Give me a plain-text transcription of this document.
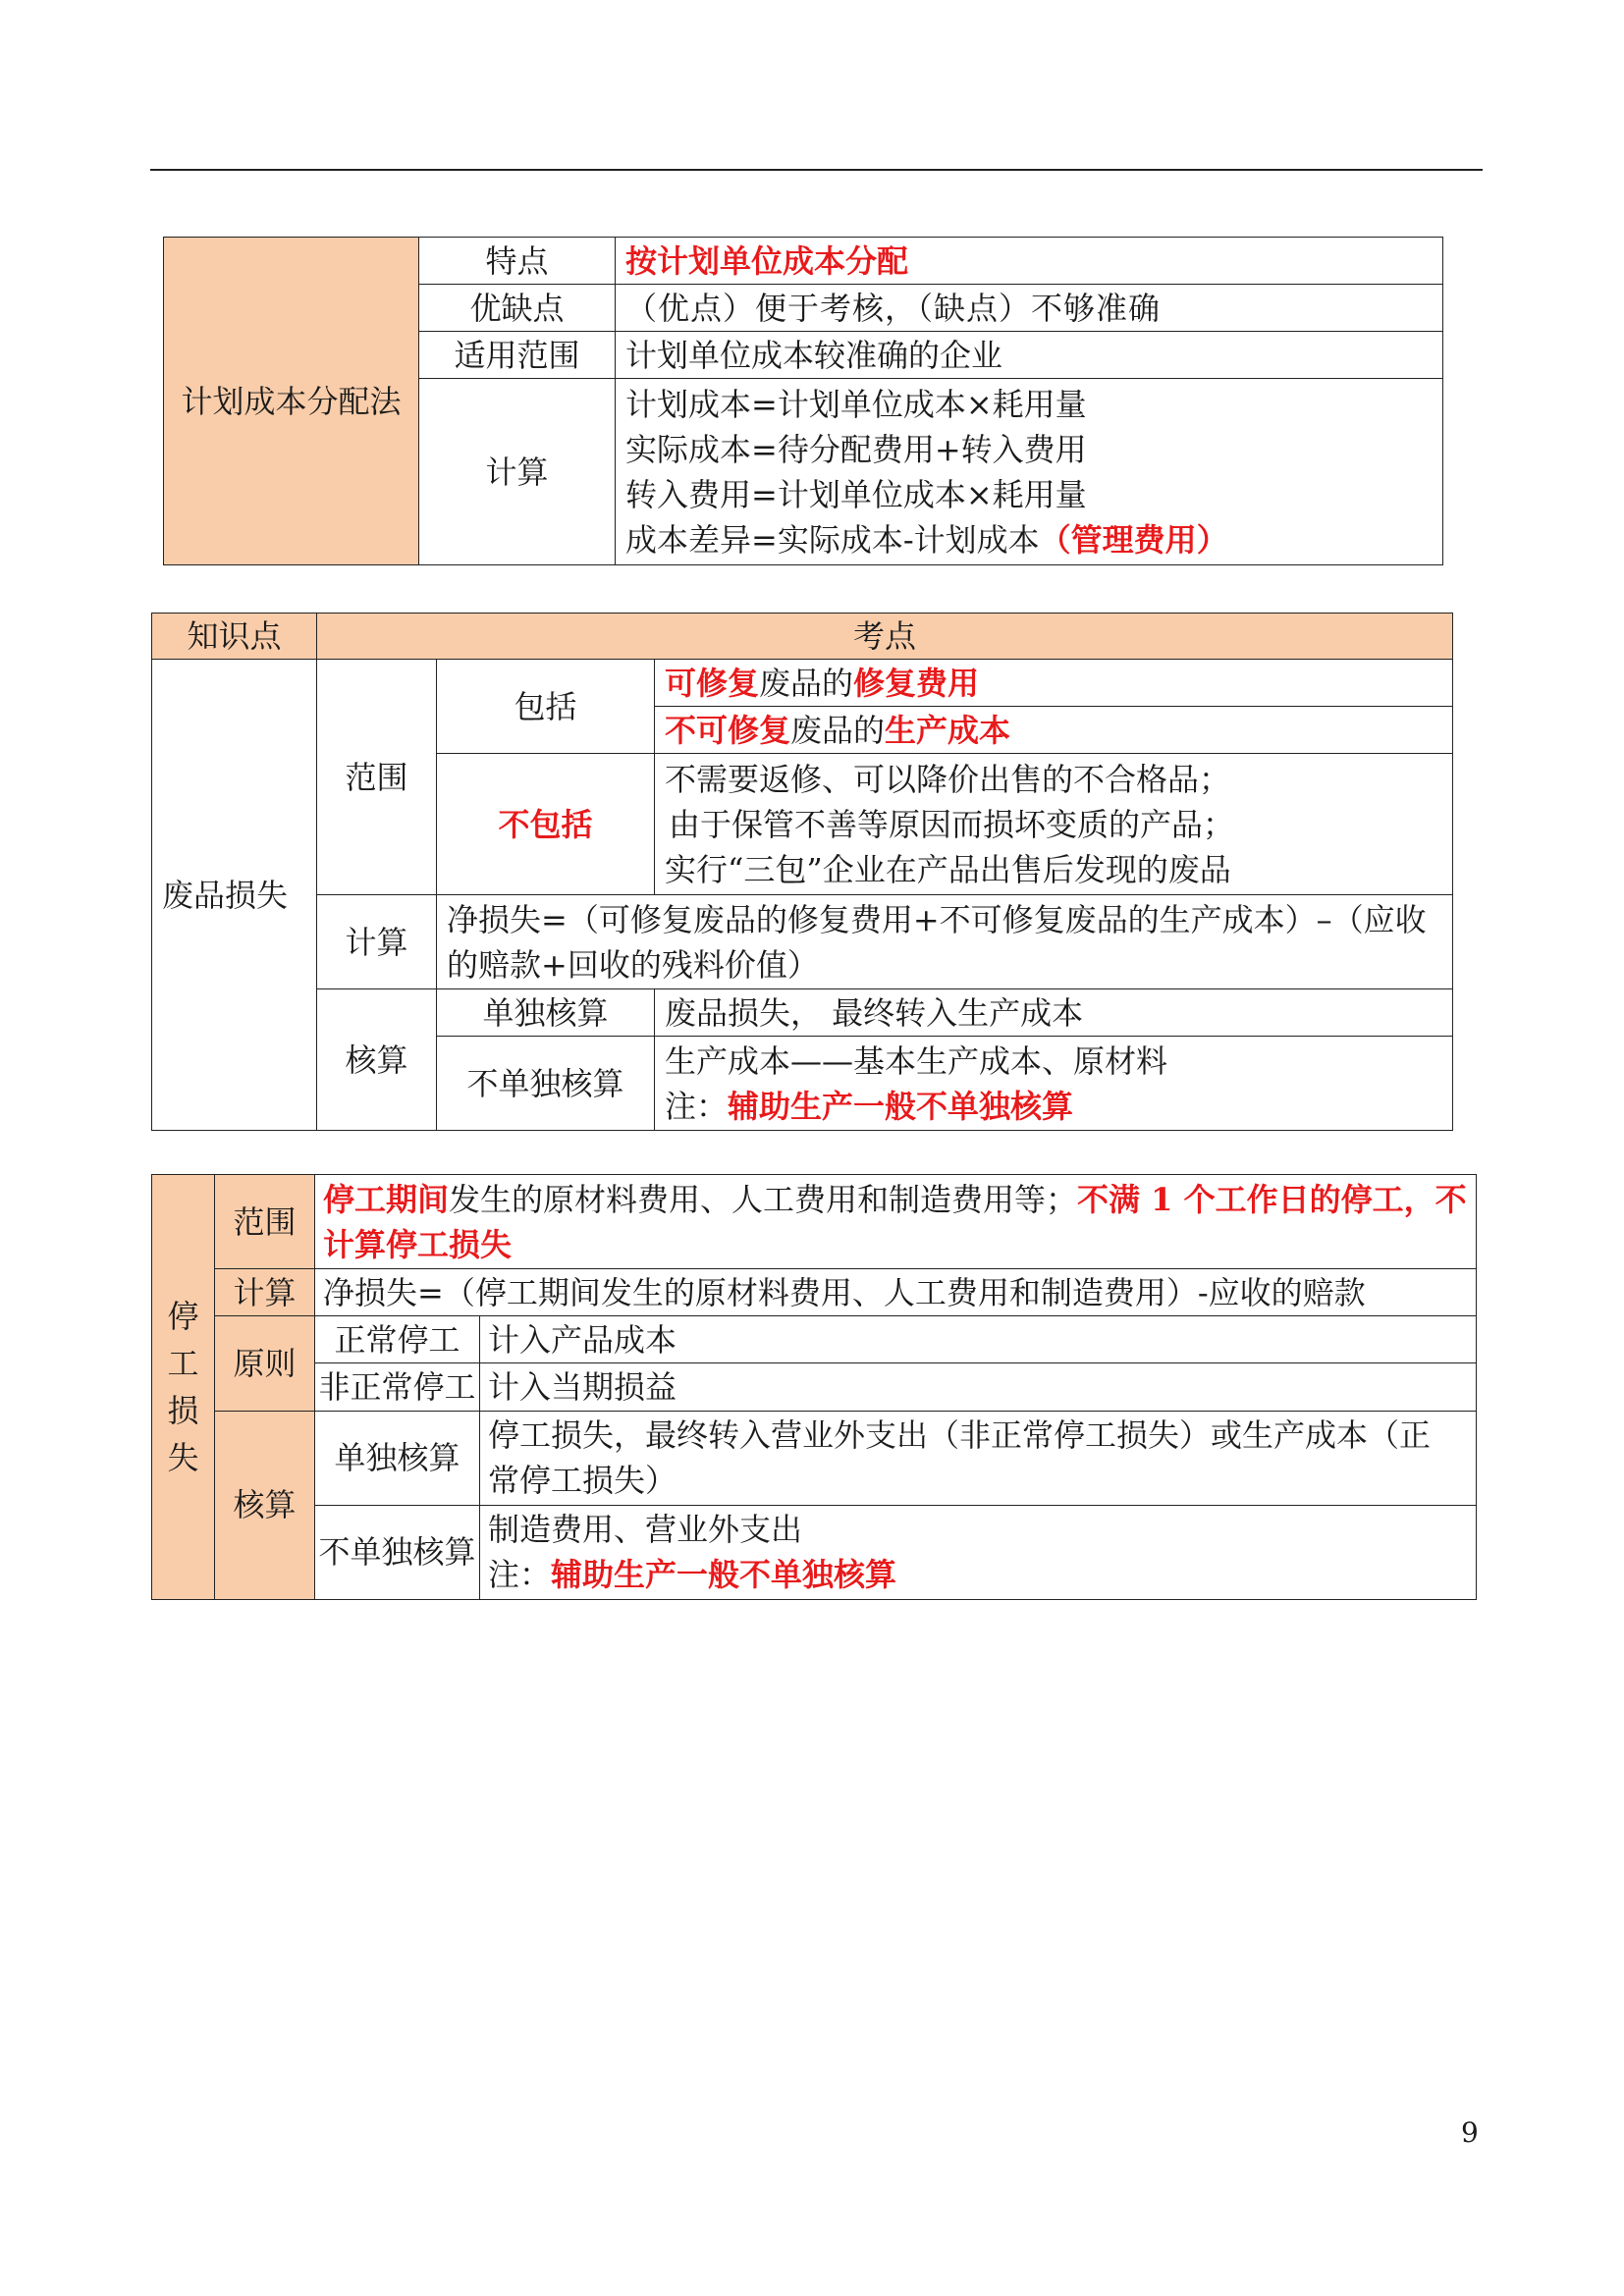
计划成本分配法	特点	按计划单位成本分配
	优缺点	（优点）便于考核，（缺点）不够准确
	适用范围	计划单位成本较准确的企业
	计算	计划成本=计划单位成本×耗用量
实际成本=待分配费用+转入费用
转入费用=计划单位成本×耗用量
成本差异=实际成本-计划成本（管理费用）
知识点	考点		
废品损失	范围	包括	可修复废品的修复费用
			不可修复废品的生产成本
		不包括	不需要返修、可以降价出售的不合格品；
由于保管不善等原因而损坏变质的产品；
实行“三包”企业在产品出售后发现的废品

	计算	净损失=（可修复废品的修复费用+不可修复废品的生产成本）–（应收
的赔款+回收的残料价值）	

	核算	单独核算	废品损失， 最终转入生产成本
		不单独核算	生产成本——基本生产成本、原材料
注：辅助生产一般不单独核算
停
工
损
失	范围	停工期间发生的原材料费用、人工费用和制造费用等；不满 1 个工作日的停工，不
计算停工损失	

	计算	净损失=（停工期间发生的原材料费用、人工费用和制造费用）-应收的赔款	
	原则	正常停工	计入产品成本
		非正常停工	计入当期损益
	核算	单独核算	停工损失，最终转入营业外支出（非正常停工损失）或生产成本（正
常停工损失）

		不单独核算	制造费用、营业外支出
注：辅助生产一般不单独核算
9
